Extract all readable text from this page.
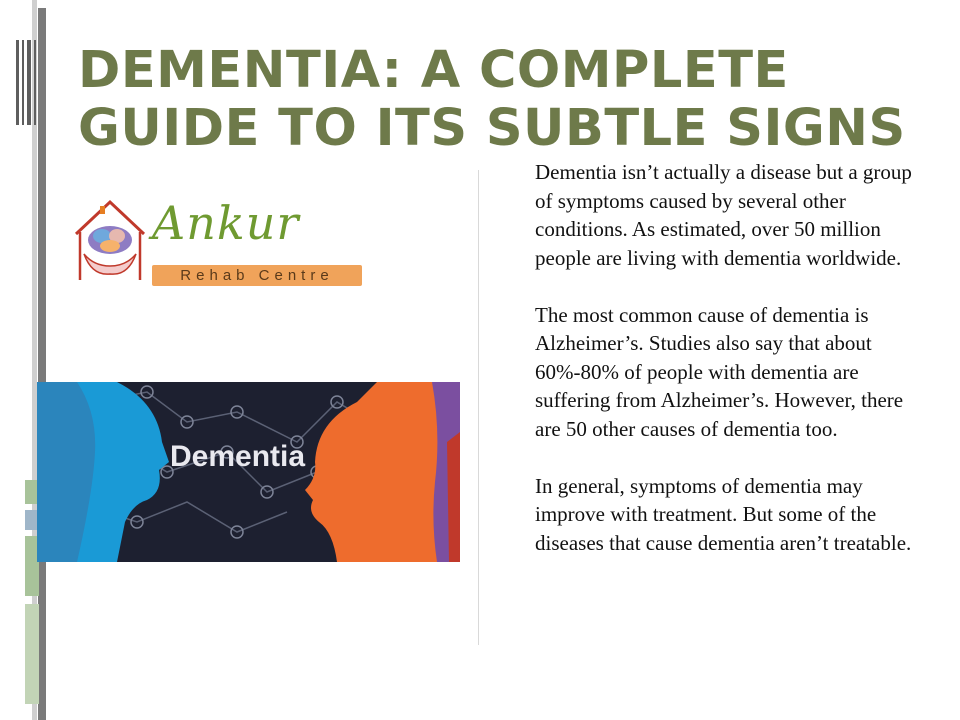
DEMENTIA: A COMPLETE GUIDE TO ITS SUBTLE SIGNS
Ankur
Rehab Centre
Dementia

Dementia isn’t actually a disease but a group of symptoms caused by several other conditions. As estimated, over 50 million people are living with dementia worldwide.

The most common cause of dementia is Alzheimer’s. Studies also say that about 60%-80% of people with dementia are suffering from Alzheimer’s. However, there are 50 other causes of dementia too.

In general, symptoms of dementia may improve with treatment. But some of the diseases that cause dementia aren’t treatable.
